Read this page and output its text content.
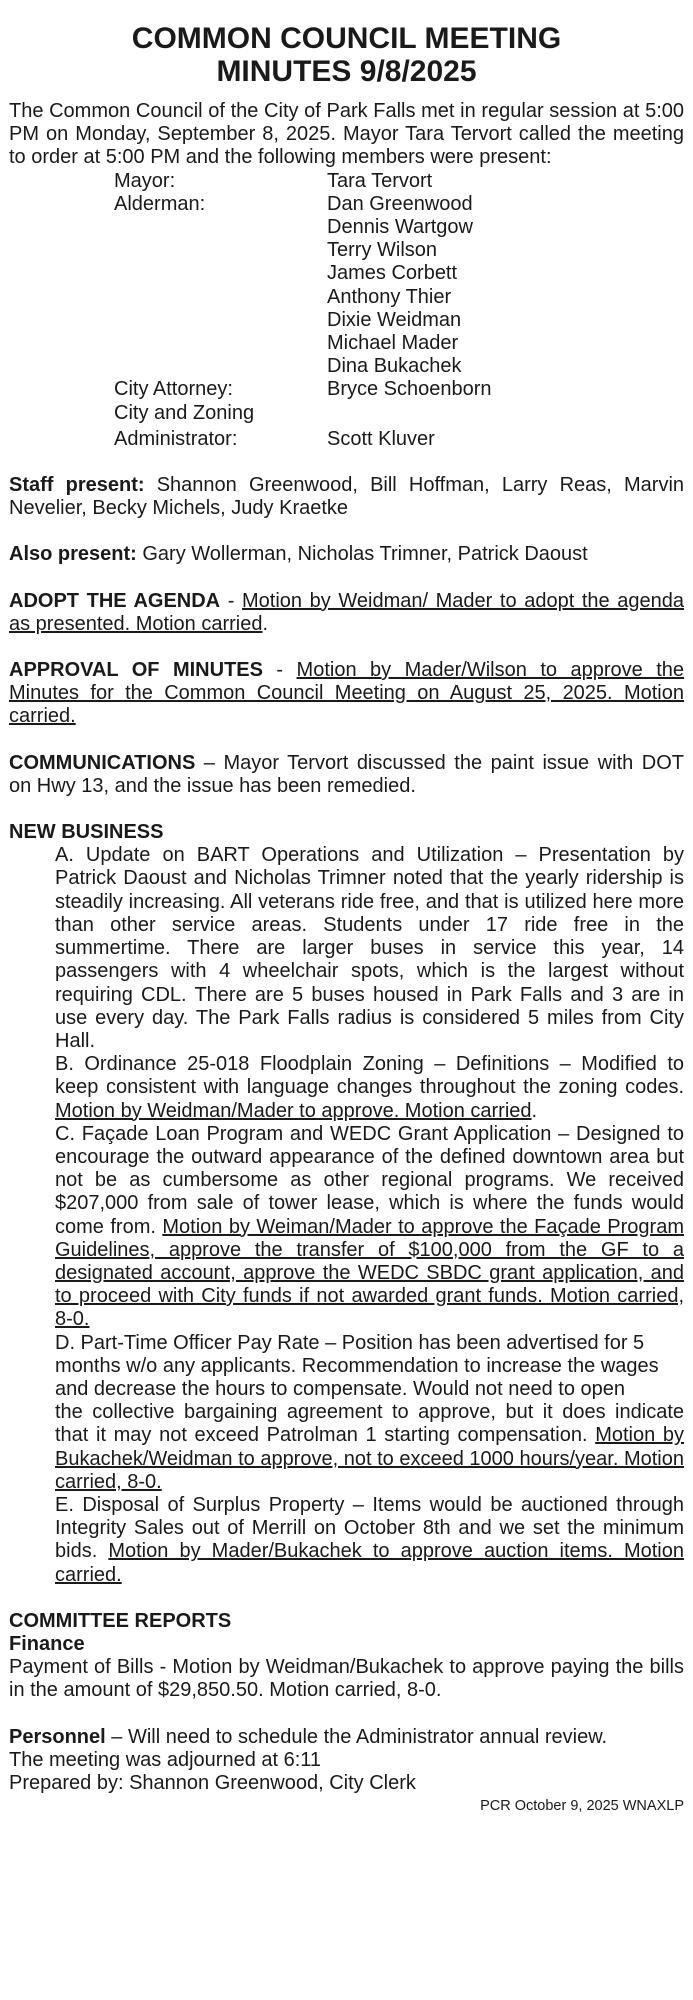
COMMON COUNCIL MEETING
MINUTES 9/8/2025

The Common Council of the City of Park Falls met in regular session at 5:00 PM on Monday, September 8, 2025. Mayor Tara Tervort called the meeting to order at 5:00 PM and the following members were present:

Mayor:	Tara Tervort
Alderman:	Dan Greenwood
Dennis Wartgow
Terry Wilson
James Corbett
Anthony Thier
Dixie Weidman
Michael Mader
Dina Bukachek
City Attorney:	Bryce Schoenborn
City and Zoning
Administrator:	Scott Kluver

Staff present: Shannon Greenwood, Bill Hoffman, Larry Reas, Marvin Nevelier, Becky Michels, Judy Kraetke

Also present: Gary Wollerman, Nicholas Trimner, Patrick Daoust

ADOPT THE AGENDA - Motion by Weidman/ Mader to adopt the agenda as presented. Motion carried.

APPROVAL OF MINUTES - Motion by Mader/Wilson to approve the Minutes for the Common Council Meeting on August 25, 2025. Motion carried.

COMMUNICATIONS – Mayor Tervort discussed the paint issue with DOT on Hwy 13, and the issue has been remedied.

NEW BUSINESS

A. Update on BART Operations and Utilization – Presentation by Patrick Daoust and Nicholas Trimner noted that the yearly ridership is steadily increasing. All veterans ride free, and that is utilized here more than other service areas. Students under 17 ride free in the summertime. There are larger buses in service this year, 14 passengers with 4 wheelchair spots, which is the largest without requiring CDL. There are 5 buses housed in Park Falls and 3 are in use every day. The Park Falls radius is considered 5 miles from City Hall.

B. Ordinance 25-018 Floodplain Zoning – Definitions – Modified to keep consistent with language changes throughout the zoning codes. Motion by Weidman/Mader to approve. Motion carried.

C. Façade Loan Program and WEDC Grant Application – Designed to encourage the outward appearance of the defined downtown area but not be as cumbersome as other regional programs. We received $207,000 from sale of tower lease, which is where the funds would come from. Motion by Weiman/Mader to approve the Façade Program Guidelines, approve the transfer of $100,000 from the GF to a designated account, approve the WEDC SBDC grant application, and to proceed with City funds if not awarded grant funds. Motion carried, 8-0.

D. Part-Time Officer Pay Rate – Position has been advertised for 5 months w/o any applicants. Recommendation to increase the wages and decrease the hours to compensate. Would not need to open

the collective bargaining agreement to approve, but it does indicate that it may not exceed Patrolman 1 starting compensation. Motion by Bukachek/Weidman to approve, not to exceed 1000 hours/year. Motion carried, 8-0.

E. Disposal of Surplus Property – Items would be auctioned through Integrity Sales out of Merrill on October 8th and we set the minimum bids. Motion by Mader/Bukachek to approve auction items. Motion carried.

COMMITTEE REPORTS
Finance

Payment of Bills - Motion by Weidman/Bukachek to approve paying the bills in the amount of $29,850.50. Motion carried, 8-0.

Personnel – Will need to schedule the Administrator annual review.

The meeting was adjourned at 6:11
Prepared by: Shannon Greenwood, City Clerk
PCR October 9, 2025 WNAXLP
